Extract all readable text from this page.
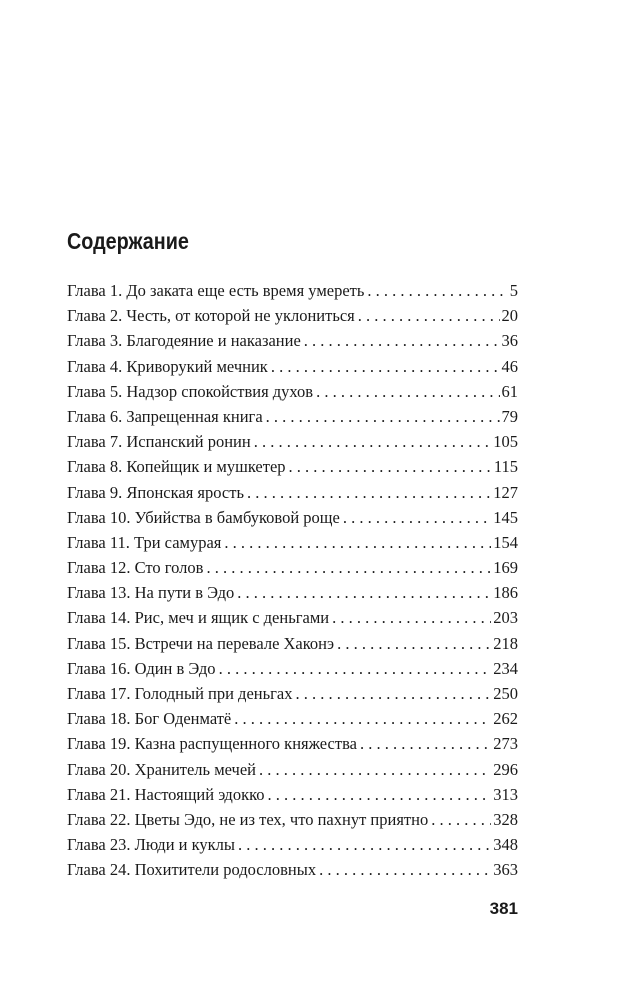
Содержание
Глава 1. До заката еще есть время умереть . . .	5
Глава 2. Честь, от которой не уклониться . . .	20
Глава 3. Благодеяние и наказание . . .	36
Глава 4. Криворукий мечник . . .	46
Глава 5. Надзор спокойствия духов . . .	61
Глава 6. Запрещенная книга . . .	79
Глава 7. Испанский ронин . . .	105
Глава 8. Копейщик и мушкетер . . .	115
Глава 9. Японская ярость . . .	127
Глава 10. Убийства в бамбуковой роще . . .	145
Глава 11. Три самурая . . .	154
Глава 12. Сто голов . . .	169
Глава 13. На пути в Эдо . . .	186
Глава 14. Рис, меч и ящик с деньгами . . .	203
Глава 15. Встречи на перевале Хаконэ . . .	218
Глава 16. Один в Эдо . . .	234
Глава 17. Голодный при деньгах . . .	250
Глава 18. Бог Оденматё . . .	262
Глава 19. Казна распущенного княжества . . .	273
Глава 20. Хранитель мечей . . .	296
Глава 21. Настоящий эдокко . . .	313
Глава 22. Цветы Эдо, не из тех, что пахнут приятно . . .	328
Глава 23. Люди и куклы . . .	348
Глава 24. Похитители родословных . . .	363
381
